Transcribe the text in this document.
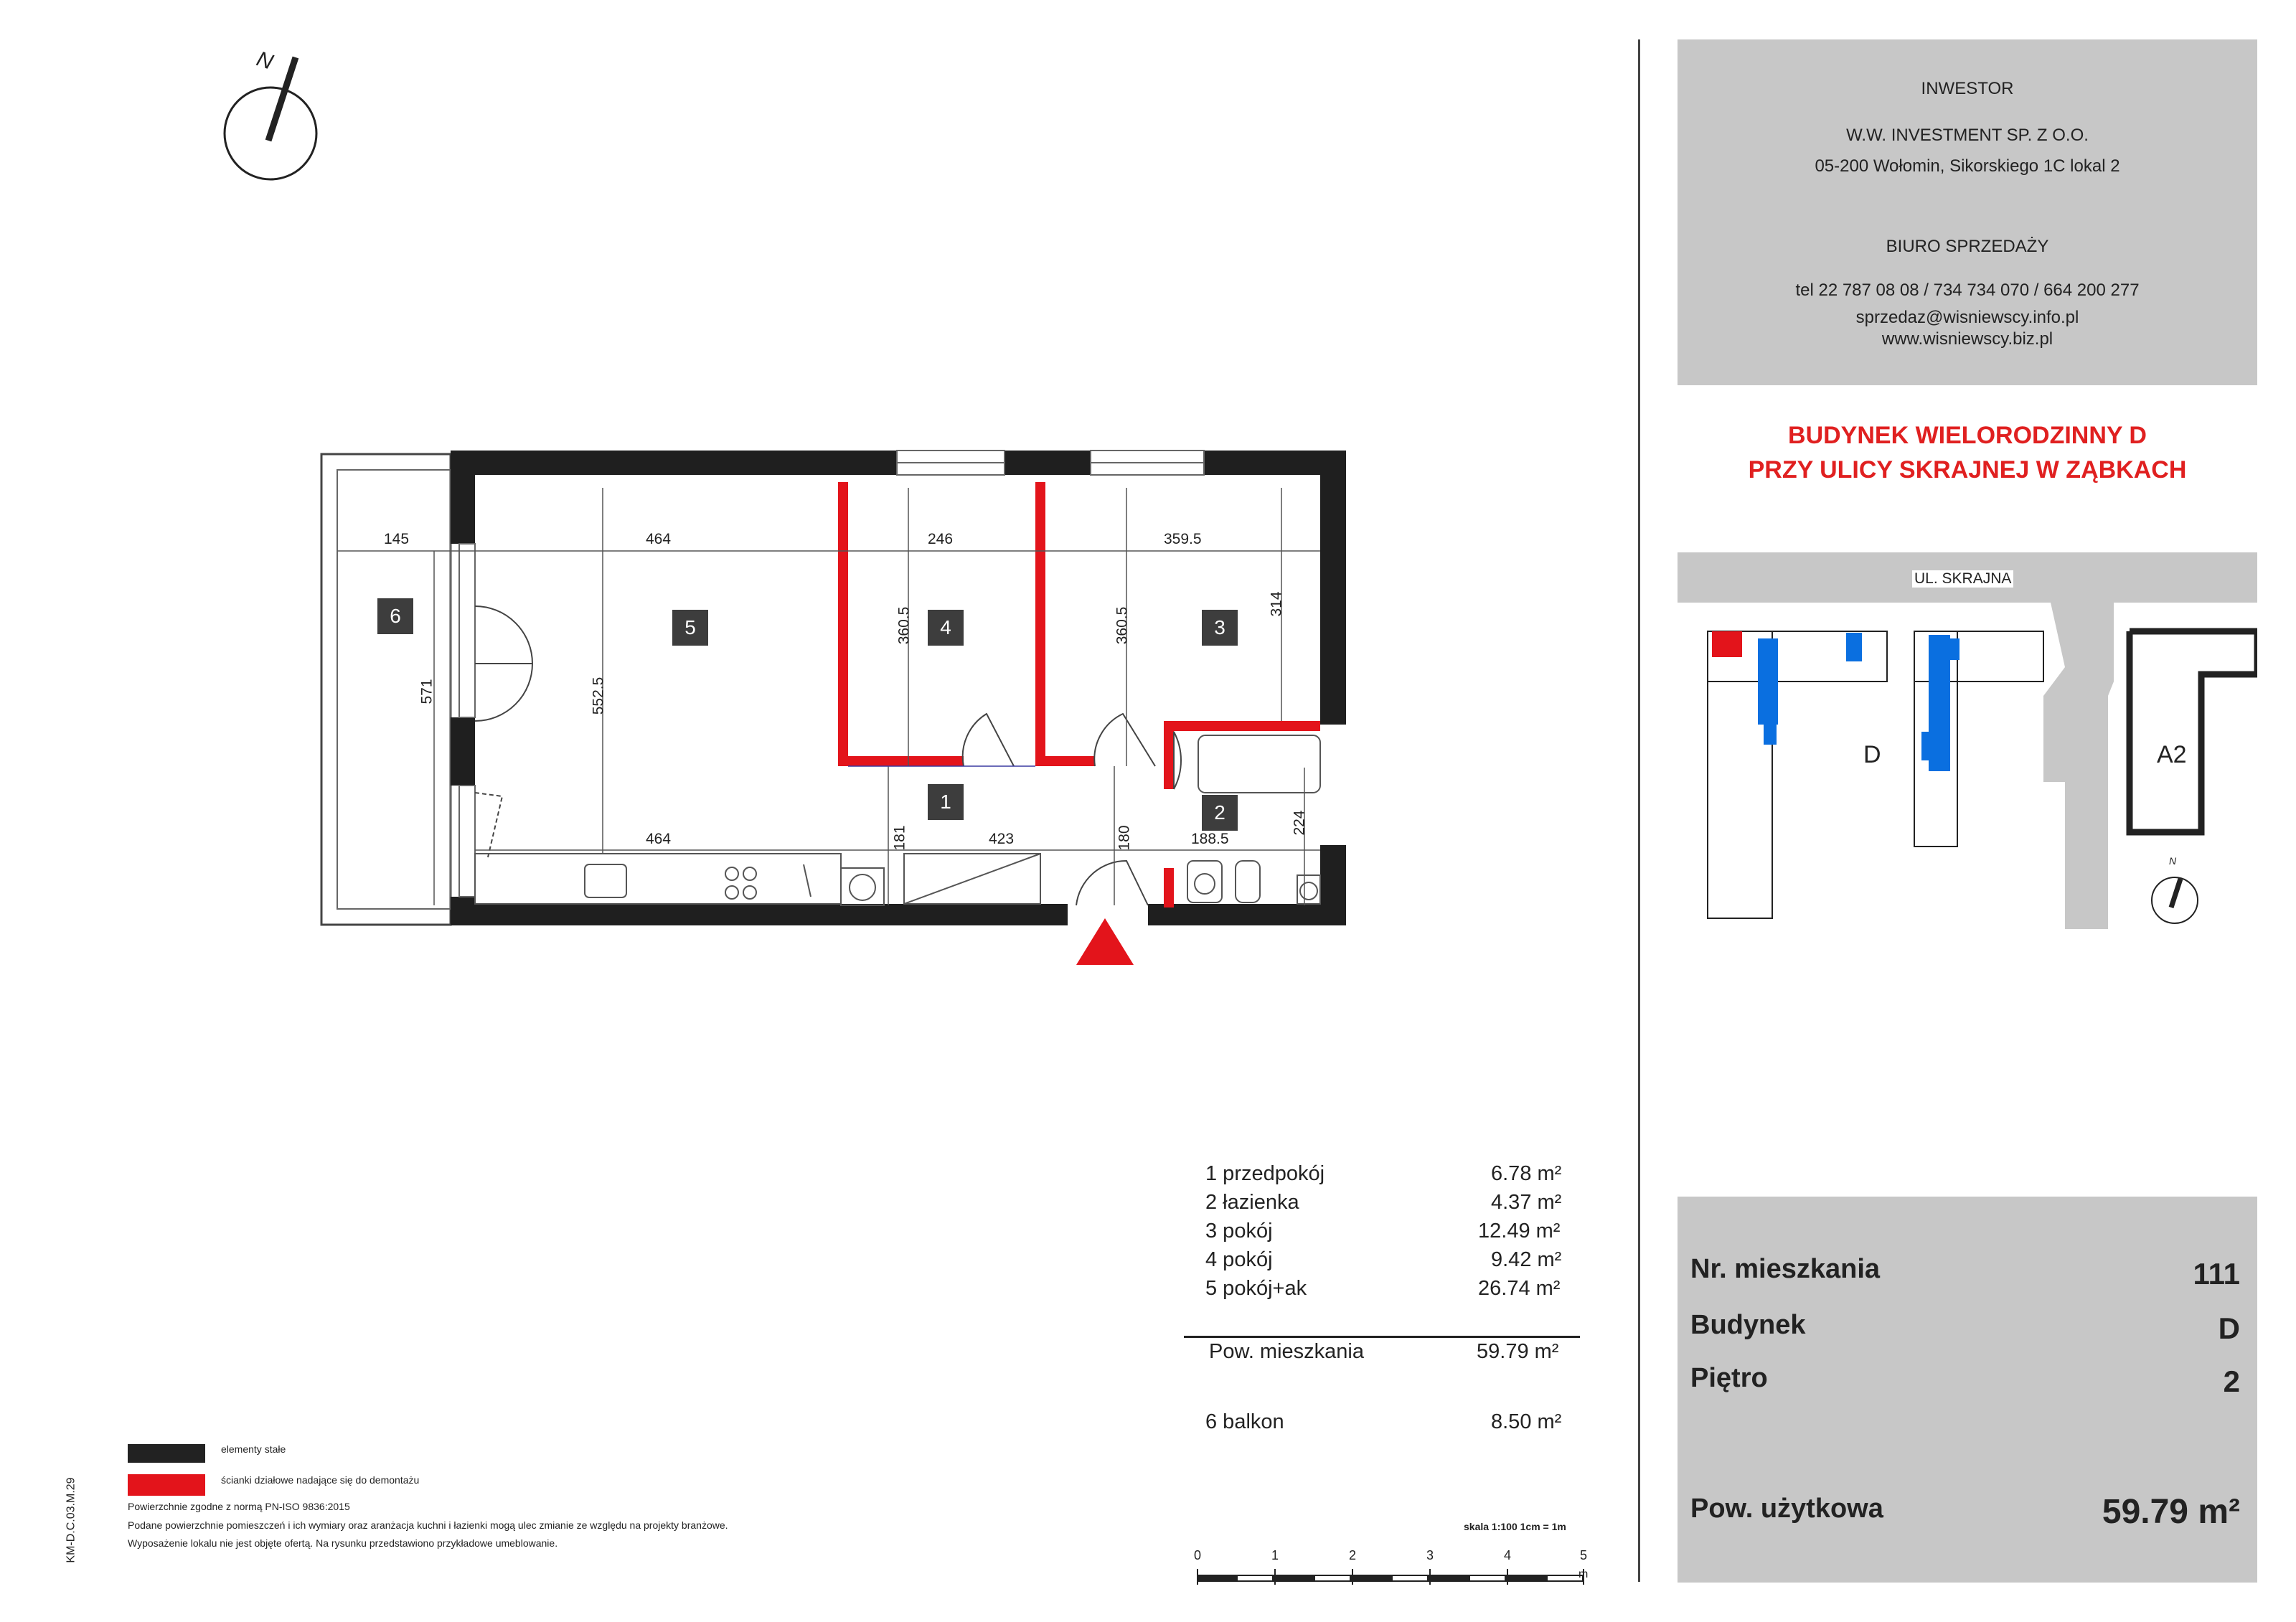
N
6
5	4	3
1	2
145	464	246	359.5
571	552.5
360.5	360.5
314
464	181	423	180	188.5
224
INWESTOR
W.W. INVESTMENT SP. Z O.O.
05-200 Wołomin, Sikorskiego 1C lokal 2
BIURO SPRZEDAŻY
tel 22 787 08 08 / 734 734 070 / 664 200 277
sprzedaz@wisniewscy.info.pl
www.wisniewscy.biz.pl
BUDYNEK WIELORODZINNY D
PRZY ULICY SKRAJNEJ W ZĄBKACH
UL. SKRAJNA
D	A2
N
1 przedpokój	6.78 m²
2 łazienka	4.37 m²
3 pokój	12.49 m²
4 pokój	9.42 m²
5 pokój+ak	26.74 m²
Pow. mieszkania	59.79 m²
6 balkon	8.50 m²
Nr. mieszkania	111
Budynek	D
Piętro	2
Pow. użytkowa	59.79 m²
elementy stałe
ścianki działowe nadające się do demontażu
Powierzchnie zgodne z normą PN-ISO 9836:2015
Podane powierzchnie pomieszczeń i ich wymiary oraz aranżacja kuchni i łazienki mogą ulec zmianie ze względu na projekty branżowe.
Wyposażenie lokalu nie jest objęte ofertą. Na rysunku przedstawiono przykładowe umeblowanie.
KM-D.C.03.M.29	skala 1:100 1cm = 1m
0	1	2	3	4	5
m
